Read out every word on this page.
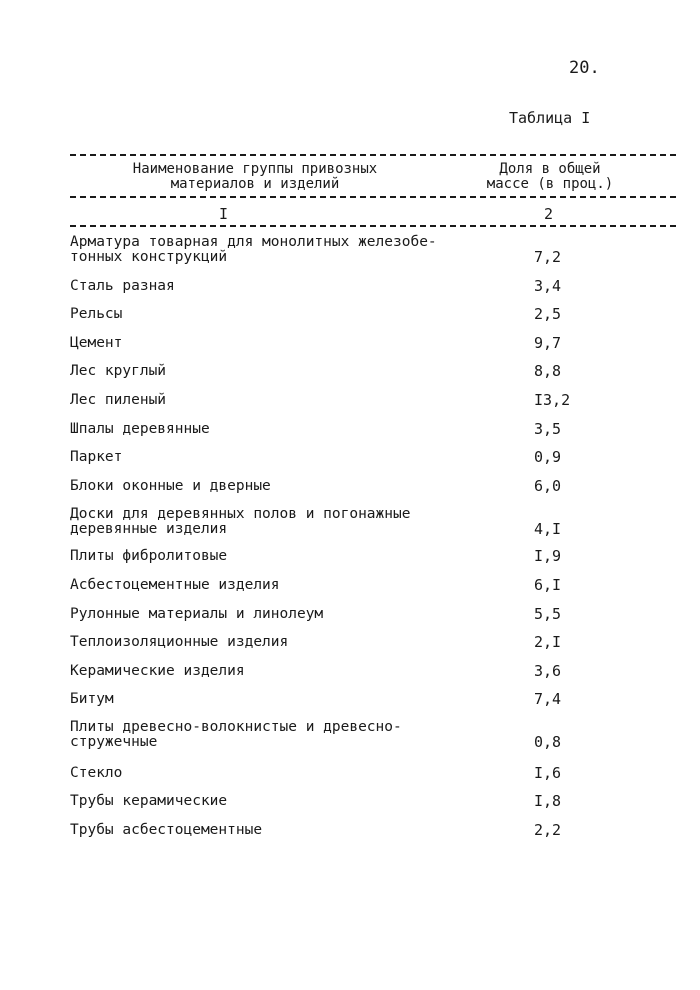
20.
Таблица I
Наименование группы привозных
материалов и изделий
Доля в общей
массе (в проц.)
I	2
Арматура товарная для монолитных железобе-
тонных конструкций	7,2
Сталь разная	3,4
Рельсы	2,5
Цемент	9,7
Лес круглый	8,8
Лес пиленый	I3,2
Шпалы деревянные	3,5
Паркет	0,9
Блоки оконные и дверные	6,0
Доски для деревянных полов и погонажные
деревянные изделия	4,I
Плиты фибролитовые	I,9
Асбестоцементные изделия	6,I
Рулонные материалы и линолеум	5,5
Теплоизоляционные изделия	2,I
Керамические изделия	3,6
Битум	7,4
Плиты древесно-волокнистые и древесно-
стружечные	0,8
Стекло	I,6
Трубы керамические	I,8
Трубы асбестоцементные	2,2
